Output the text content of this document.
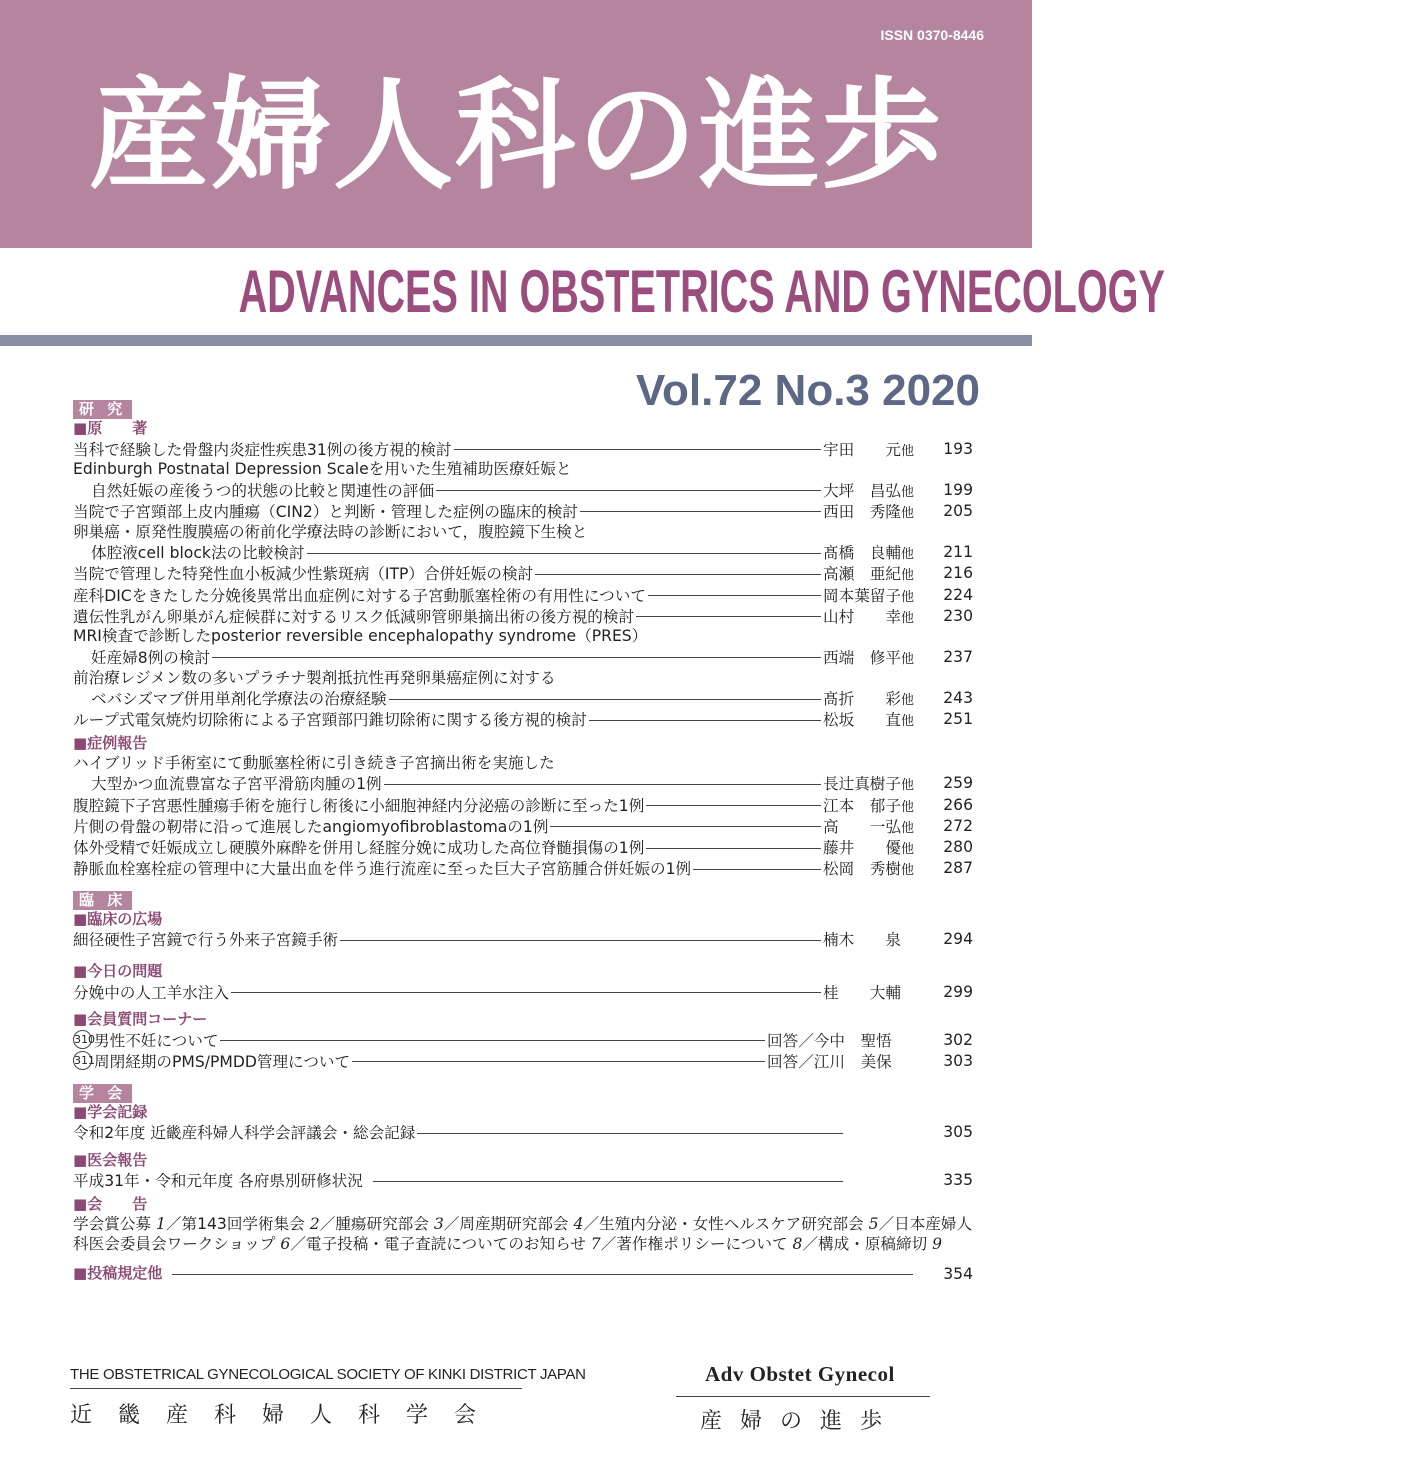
ISSN 0370-8446
産婦人科の進歩
ADVANCES IN OBSTETRICS AND GYNECOLOGY
Vol.72 No.3 2020
研 究
■ 原　　著
当科で経験した骨盤内炎症性疾患31例の後方視的検討	宇田　　元他	193
Edinburgh Postnatal Depression Scaleを用いた生殖補助医療妊娠と
自然妊娠の産後うつ的状態の比較と関連性の評価	大坪　昌弘他	199
当院で子宮頸部上皮内腫瘍（CIN2）と判断・管理した症例の臨床的検討	西田　秀隆他	205
卵巣癌・原発性腹膜癌の術前化学療法時の診断において，腹腔鏡下生検と
体腔液cell block法の比較検討	髙橋　良輔他	211
当院で管理した特発性血小板減少性紫斑病（ITP）合併妊娠の検討	高瀬　亜紀他	216
産科DICをきたした分娩後異常出血症例に対する子宮動脈塞栓術の有用性について	岡本葉留子他	224
遺伝性乳がん卵巣がん症候群に対するリスク低減卵管卵巣摘出術の後方視的検討	山村　　幸他	230
MRI検査で診断したposterior reversible encephalopathy syndrome（PRES）
妊産婦8例の検討	西端　修平他	237
前治療レジメン数の多いプラチナ製剤抵抗性再発卵巣癌症例に対する
ベバシズマブ併用単剤化学療法の治療経験	髙折　　彩他	243
ループ式電気焼灼切除術による子宮頸部円錐切除術に関する後方視的検討	松坂　　直他	251
■ 症例報告
ハイブリッド手術室にて動脈塞栓術に引き続き子宮摘出術を実施した
大型かつ血流豊富な子宮平滑筋肉腫の1例	長辻真樹子他	259
腹腔鏡下子宮悪性腫瘍手術を施行し術後に小細胞神経内分泌癌の診断に至った1例	江本　郁子他	266
片側の骨盤の靭帯に沿って進展したangiomyofibroblastomaの1例	高　　一弘他	272
体外受精で妊娠成立し硬膜外麻酔を併用し経腟分娩に成功した高位脊髄損傷の1例	藤井　　優他	280
静脈血栓塞栓症の管理中に大量出血を伴う進行流産に至った巨大子宮筋腫合併妊娠の1例	松岡　秀樹他	287
臨 床
■ 臨床の広場
細径硬性子宮鏡で行う外来子宮鏡手術	楠木　　泉	294
■ 今日の問題
分娩中の人工羊水注入	桂　　大輔	299
■ 会員質問コーナー
310 男性不妊について	回答／今中　聖悟	302
311 周閉経期のPMS/PMDD管理について	回答／江川　美保	303
学 会
■ 学会記録
令和2年度 近畿産科婦人科学会評議会・総会記録	305
■ 医会報告
平成31年・令和元年度 各府県別研修状況	335
■ 会　　告
学会賞公募 1／第143回学術集会 2／腫瘍研究部会 3／周産期研究部会 4／生殖内分泌・女性ヘルスケア研究部会 5／日本産婦人科医会委員会ワークショップ 6／電子投稿・電子査読についてのお知らせ 7／著作権ポリシーについて 8／構成・原稿締切 9
■ 投稿規定他	354
THE OBSTETRICAL GYNECOLOGICAL SOCIETY OF KINKI DISTRICT JAPAN
近畿産科婦人科学会
Adv Obstet Gynecol
産婦の進歩
